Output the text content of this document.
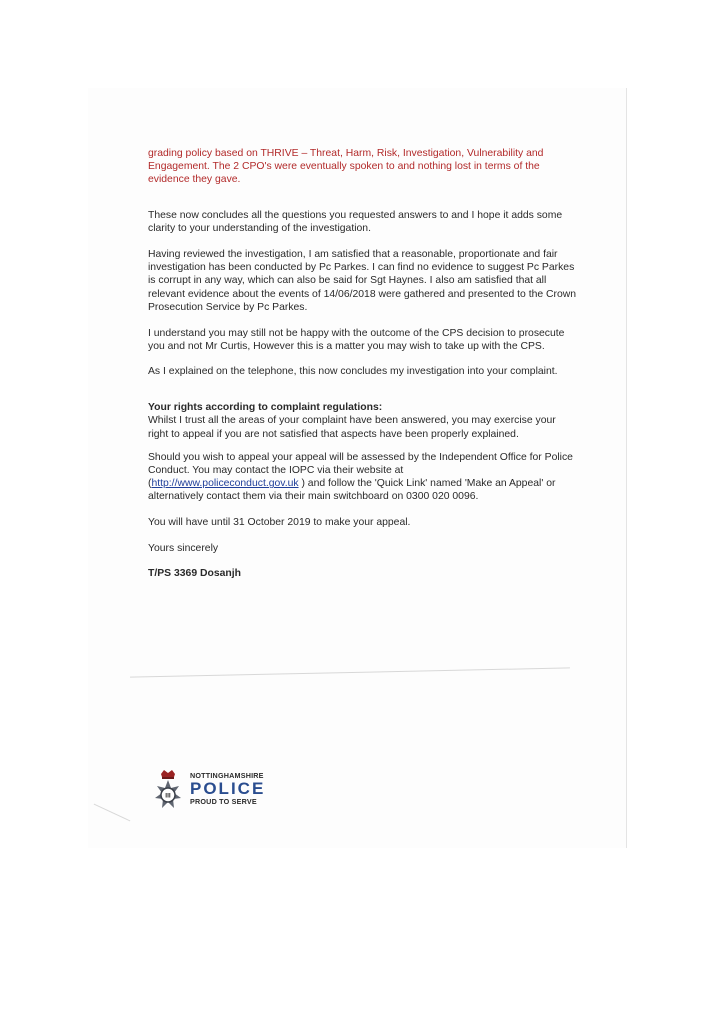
grading policy based on THRIVE – Threat, Harm, Risk, Investigation, Vulnerability and Engagement. The 2 CPO's were eventually spoken to and nothing lost in terms of the evidence they gave.

These now concludes all the questions you requested answers to and I hope it adds some clarity to your understanding of the investigation.

Having reviewed the investigation, I am satisfied that a reasonable, proportionate and fair investigation has been conducted by Pc Parkes. I can find no evidence to suggest Pc Parkes is corrupt in any way, which can also be said for Sgt Haynes. I also am satisfied that all relevant evidence about the events of 14/06/2018 were gathered and presented to the Crown Prosecution Service by Pc Parkes.

I understand you may still not be happy with the outcome of the CPS decision to prosecute you and not Mr Curtis, However this is a matter you may wish to take up with the CPS.

As I explained on the telephone, this now concludes my investigation into your complaint.

Your rights according to complaint regulations:
Whilst I trust all the areas of your complaint have been answered, you may exercise your right to appeal if you are not satisfied that aspects have been properly explained.

Should you wish to appeal your appeal will be assessed by the Independent Office for Police Conduct. You may contact the IOPC via their website at
(http://www.policeconduct.gov.uk ) and follow the 'Quick Link' named 'Make an Appeal' or alternatively contact them via their main switchboard on 0300 020 0096.

You will have until 31 October 2019 to make your appeal.

Yours sincerely

T/PS 3369 Dosanjh

III
NOTTINGHAMSHIRE
POLICE
PROUD TO SERVE
